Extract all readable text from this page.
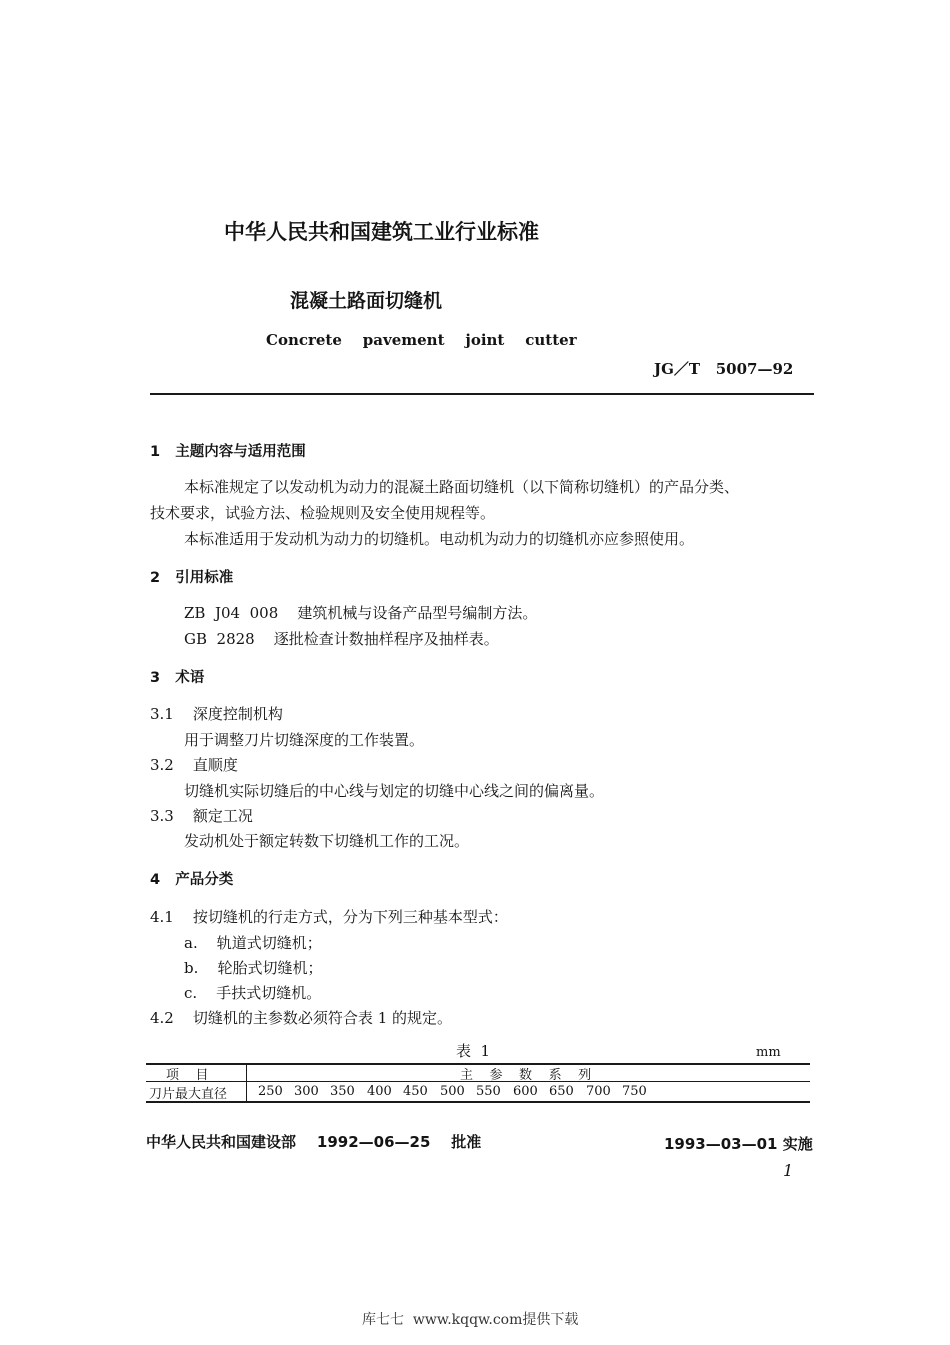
中华人民共和国建筑工业行业标准
混凝土路面切缝机
Concrete    pavement    joint    cutter
JG／T   5007—92
1   主题内容与适用范围
本标准规定了以发动机为动力的混凝土路面切缝机（以下简称切缝机）的产品分类、
技术要求，试验方法、检验规则及安全使用规程等。
本标准适用于发动机为动力的切缝机。电动机为动力的切缝机亦应参照使用。
2   引用标准
ZB  J04  008    建筑机械与设备产品型号编制方法。
GB  2828    逐批检查计数抽样程序及抽样表。
3   术语
3.1    深度控制机构
用于调整刀片切缝深度的工作装置。
3.2    直顺度
切缝机实际切缝后的中心线与划定的切缝中心线之间的偏离量。
3.3    额定工况
发动机处于额定转数下切缝机工作的工况。
4   产品分类
4.1    按切缝机的行走方式，分为下列三种基本型式：
a.    轨道式切缝机；
b.    轮胎式切缝机；
c.    手扶式切缝机。
4.2    切缝机的主参数必须符合表 1 的规定。
表  1	mm
项    目	主    参    数    系    列
刀片最大直径 250 300 350 400 450 500 550 600 650 700 750
中华人民共和国建设部    1992—06—25    批准	1993—03—01 实施
1
库七七  www.kqqw.com提供下载
